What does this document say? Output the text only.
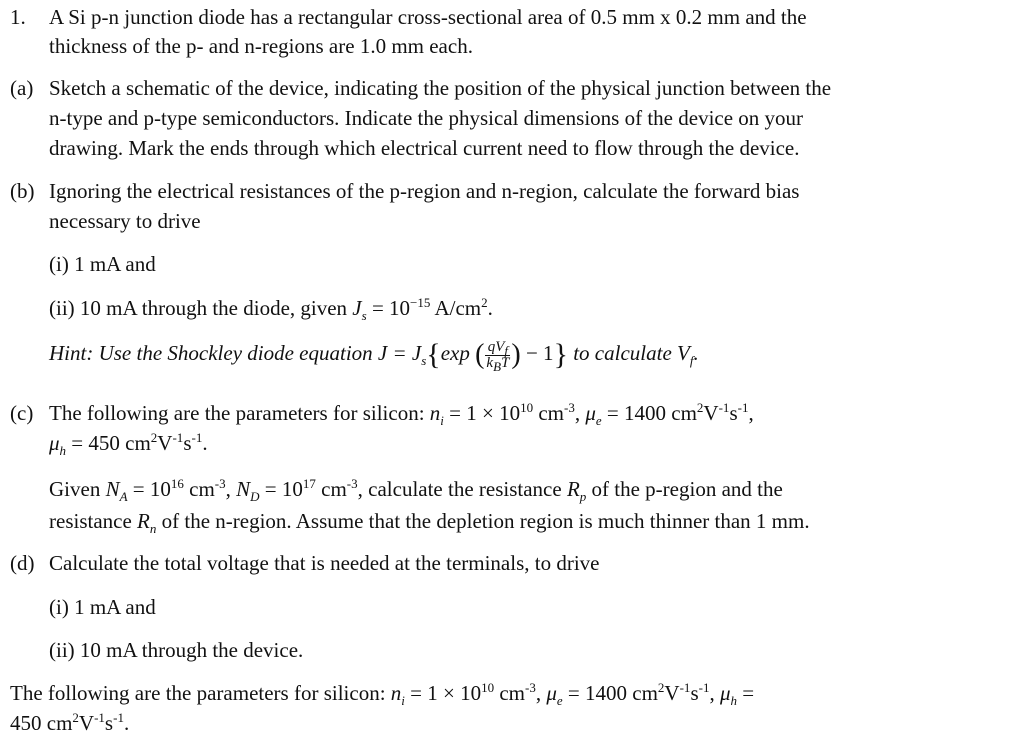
1. A Si p-n junction diode has a rectangular cross-sectional area of 0.5 mm x 0.2 mm and the
thickness of the p- and n-regions are 1.0 mm each.
(a) Sketch a schematic of the device, indicating the position of the physical junction between the
n-type and p-type semiconductors. Indicate the physical dimensions of the device on your
drawing. Mark the ends through which electrical current need to flow through the device.
(b) Ignoring the electrical resistances of the p-region and n-region, calculate the forward bias
necessary to drive
(i) 1 mA and
(ii) 10 mA through the diode, given $J_s = 10^{-15}$ $A/cm^2$.
Hint: Use the Shockley diode equation $J = J_s\{\exp$ ( $\frac{qV_f}{k_BT}$ ) − 1} to calculate $V_f$.
(c) The following are the parameters for silicon: $n_i = 1 \times 10^{10}$ $cm^{-3}$, $\mu_e = 1400$ $cm^2V^{-1}s^{-1}$,
$\mu_h = 450$ $cm^2V^{-1}s^{-1}$.
Given $N_A = 10^{16}$ $cm^{-3}$, $N_D = 10^{17}$ $cm^{-3}$, calculate the resistance $R_p$ of the p-region and the
resistance $R_n$ of the n-region. Assume that the depletion region is much thinner than 1 mm.
(d) Calculate the total voltage that is needed at the terminals, to drive
(i) 1 mA and
(ii) 10 mA through the device.
The following are the parameters for silicon: $n_i = 1 \times 10^{10}$ $cm^{-3}$, $\mu_e = 1400$ $cm^2V^{-1}s^{-1}$, $\mu_h$ =
450 $cm^2V^{-1}s^{-1}$.
